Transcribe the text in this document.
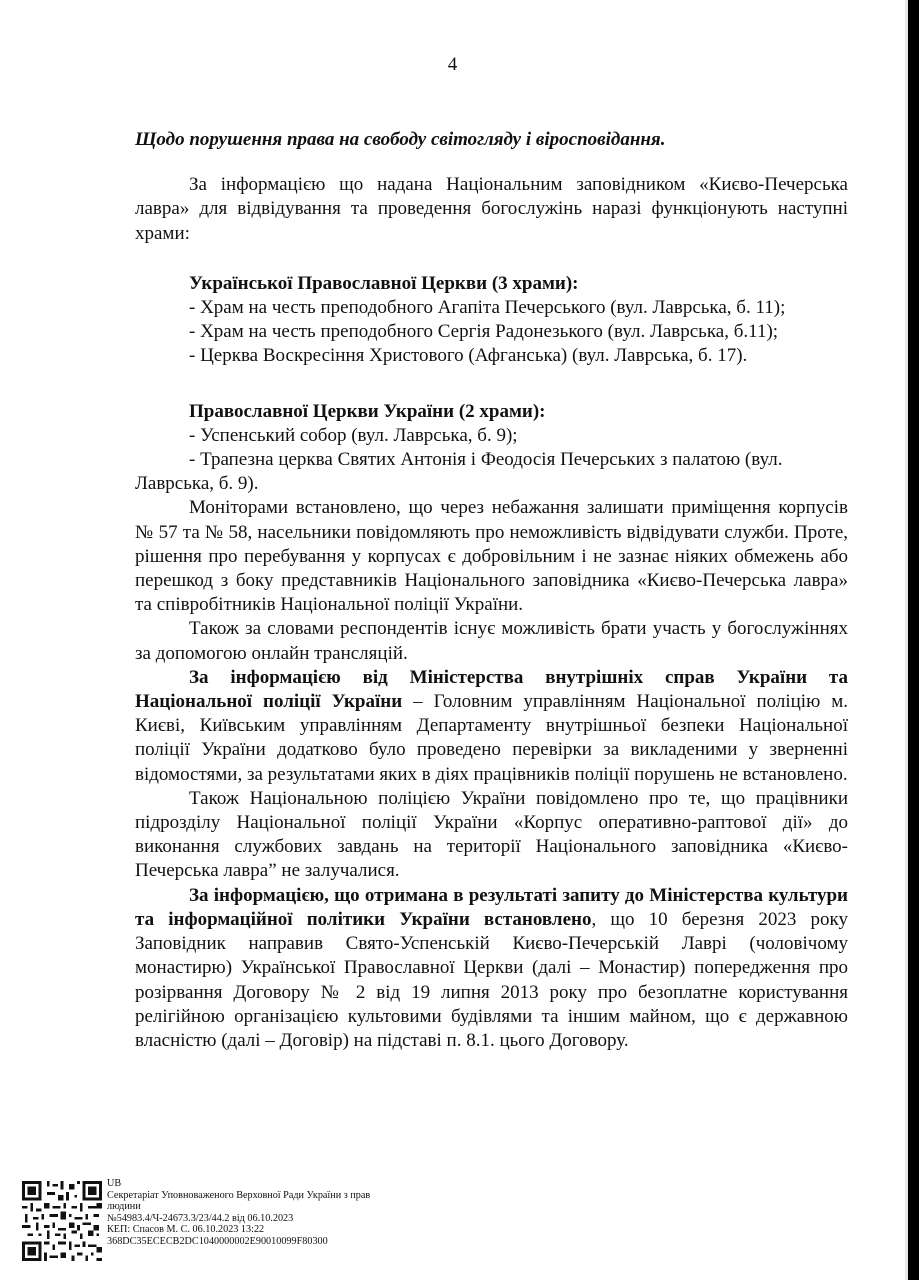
4

Щодо порушення права на свободу світогляду і віросповідання.

За інформацією що надана Національним заповідником «Києво-Печерська лавра» для відвідування та проведення богослужінь наразі функціонують наступні храми:

Української Православної Церкви (3 храми):

- Храм на честь преподобного Агапіта Печерського (вул. Лаврська, б. 11);

- Храм на честь преподобного Сергія Радонезького (вул. Лаврська, б.11);

- Церква Воскресіння Христового (Афганська) (вул. Лаврська, б. 17).

Православної Церкви України (2 храми):

- Успенський собор (вул. Лаврська, б. 9);

- Трапезна церква Святих Антонія і Феодосія Печерських з палатою (вул.

Лаврська, б. 9).

Моніторами встановлено, що через небажання залишати приміщення корпусів № 57 та № 58, насельники повідомляють про неможливість відвідувати служби. Проте, рішення про перебування у корпусах є добровільним і не зазнає ніяких обмежень або перешкод з боку представників Національного заповідника «Києво-Печерська лавра» та співробітників Національної поліції України.

Також за словами респондентів існує можливість брати участь у богослужіннях за допомогою онлайн трансляцій.

За інформацією від Міністерства внутрішніх справ України та Національної поліції України – Головним управлінням Національної поліцію м. Києві, Київським управлінням Департаменту внутрішньої безпеки Національної поліції України додатково було проведено перевірки за викладеними у зверненні відомостями, за результатами яких в діях працівників поліції порушень не встановлено.

Також Національною поліцією України повідомлено про те, що працівники підрозділу Національної поліції України «Корпус оперативно-раптової дії» до виконання службових завдань на території Національного заповідника «Києво-Печерська лавра” не залучалися.

За інформацією, що отримана в результаті запиту до Міністерства культури та інформаційної політики України встановлено, що 10 березня 2023 року Заповідник направив Свято-Успенській Києво-Печерській Лаврі (чоловічому монастирю) Української Православної Церкви (далі – Монастир) попередження про розірвання Договору № 2 від 19 липня 2013 року про безоплатне користування релігійною організацією культовими будівлями та іншим майном, що є державною власністю (далі – Договір) на підставі п. 8.1. цього Договору.

UB
Секретаріат Уповноваженого Верховної Ради України з прав
людини
№54983.4/Ч-24673.3/23/44.2 від 06.10.2023
КЕП: Спасов М. С. 06.10.2023 13:22
368DC35ECECB2DC1040000002E90010099F80300
